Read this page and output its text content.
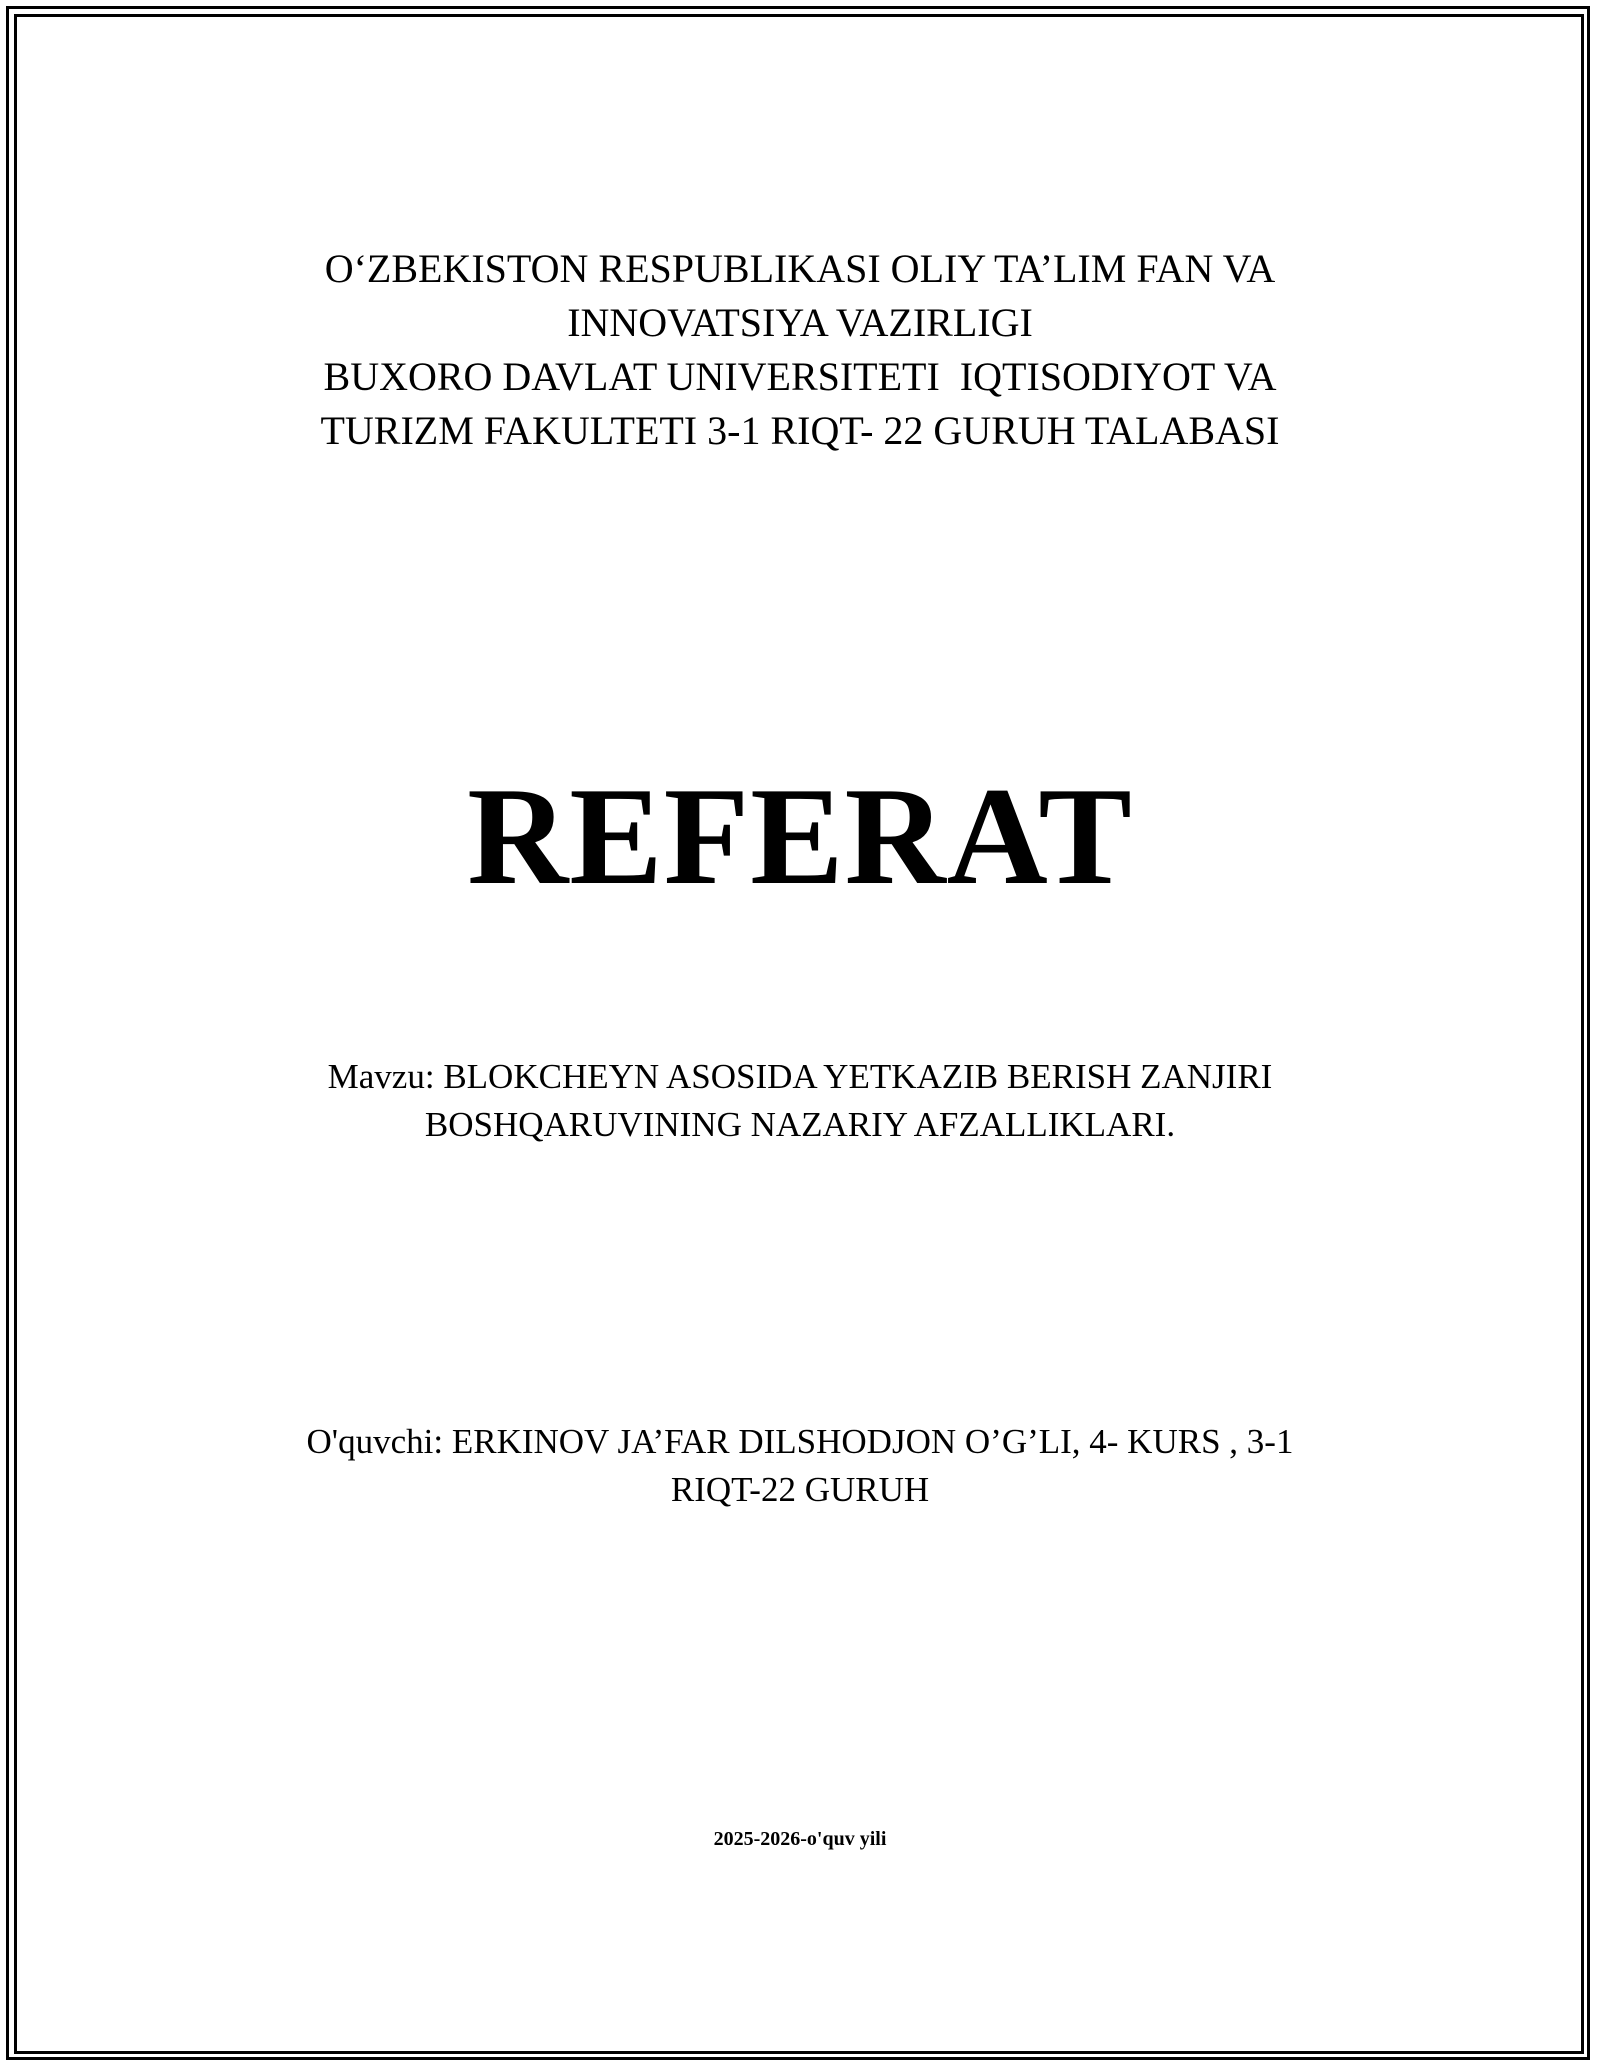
O‘ZBEKISTON RESPUBLIKASI OLIY TA’LIM FAN VA
INNOVATSIYA VAZIRLIGI
BUXORO DAVLAT UNIVERSITETI  IQTISODIYOT VA
TURIZM FAKULTETI 3-1 RIQT- 22 GURUH TALABASI
REFERAT
Mavzu: BLOKCHEYN ASOSIDA YETKAZIB BERISH ZANJIRI
BOSHQARUVINING NAZARIY AFZALLIKLARI.
O'quvchi: ERKINOV JA’FAR DILSHODJON O’G’LI, 4- KURS , 3-1
RIQT-22 GURUH
2025-2026-o'quv yili
